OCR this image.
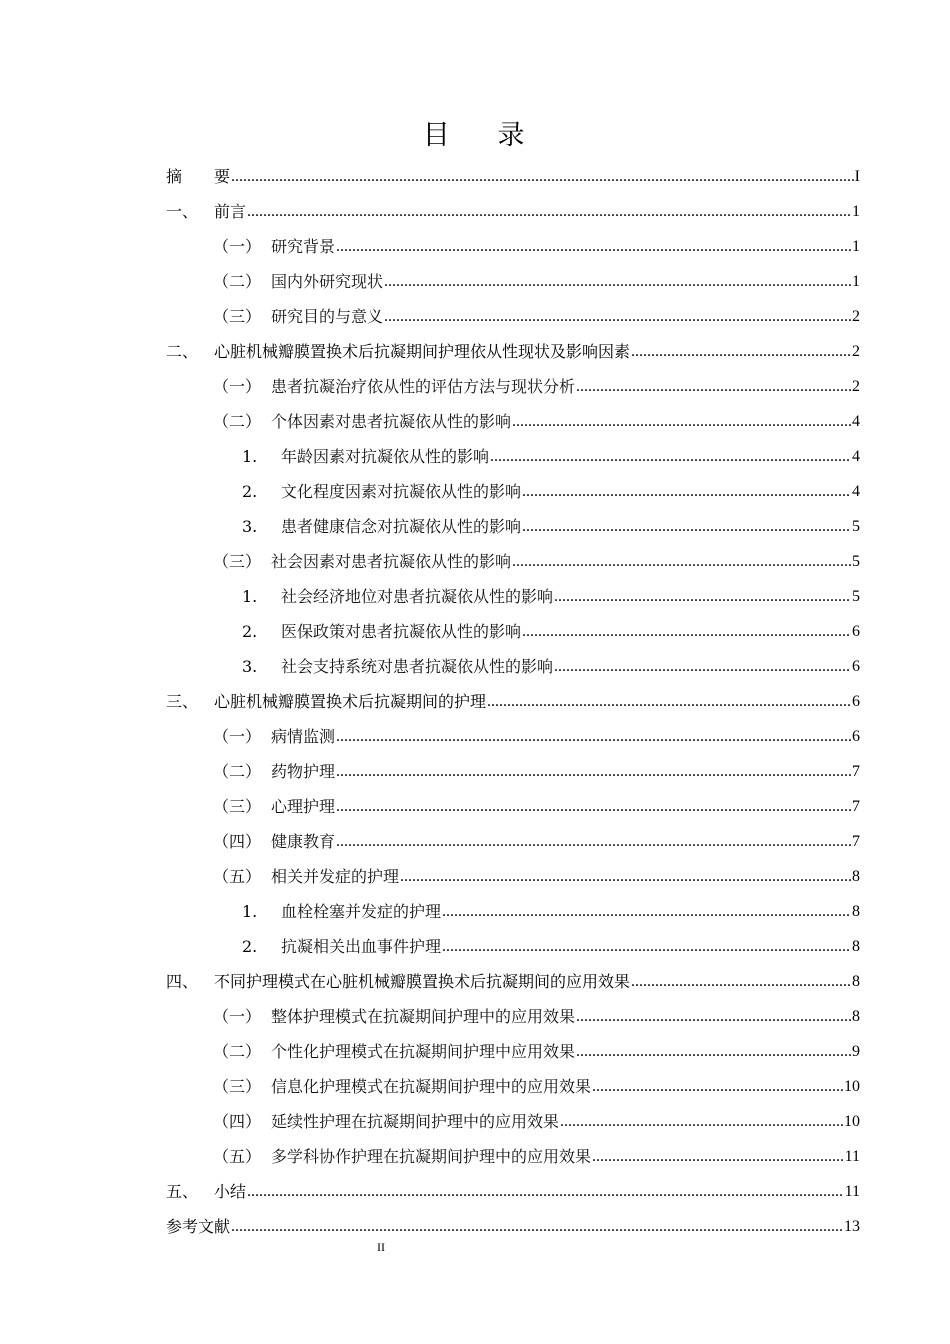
目 录
摘	要 .....	I
一、 前言 .....	1
（一） 研究背景 .....	1
（二） 国内外研究现状 .....	1
（三） 研究目的与意义 .....	2
二、 心脏机械瓣膜置换术后抗凝期间护理依从性现状及影响因素 .....	2
（一） 患者抗凝治疗依从性的评估方法与现状分析 .....	2
（二） 个体因素对患者抗凝依从性的影响 .....	4
1.	年龄因素对抗凝依从性的影响 .....	4
2.	文化程度因素对抗凝依从性的影响 .....	4
3.	患者健康信念对抗凝依从性的影响 .....	5
（三） 社会因素对患者抗凝依从性的影响 .....	5
1.	社会经济地位对患者抗凝依从性的影响 .....	5
2.	医保政策对患者抗凝依从性的影响 .....	6
3.	社会支持系统对患者抗凝依从性的影响 .....	6
三、 心脏机械瓣膜置换术后抗凝期间的护理 .....	6
（一） 病情监测 .....	6
（二） 药物护理 .....	7
（三） 心理护理 .....	7
（四） 健康教育 .....	7
（五） 相关并发症的护理 .....	8
1.	血栓栓塞并发症的护理 .....	8
2.	抗凝相关出血事件护理 .....	8
四、 不同护理模式在心脏机械瓣膜置换术后抗凝期间的应用效果 .....	8
（一） 整体护理模式在抗凝期间护理中的应用效果 .....	8
（二） 个性化护理模式在抗凝期间护理中应用效果 .....	9
（三） 信息化护理模式在抗凝期间护理中的应用效果 .....	10
（四） 延续性护理在抗凝期间护理中的应用效果 .....	10
（五） 多学科协作护理在抗凝期间护理中的应用效果 .....	11
五、 小结 .....	11
参考文献 .....	13
II
